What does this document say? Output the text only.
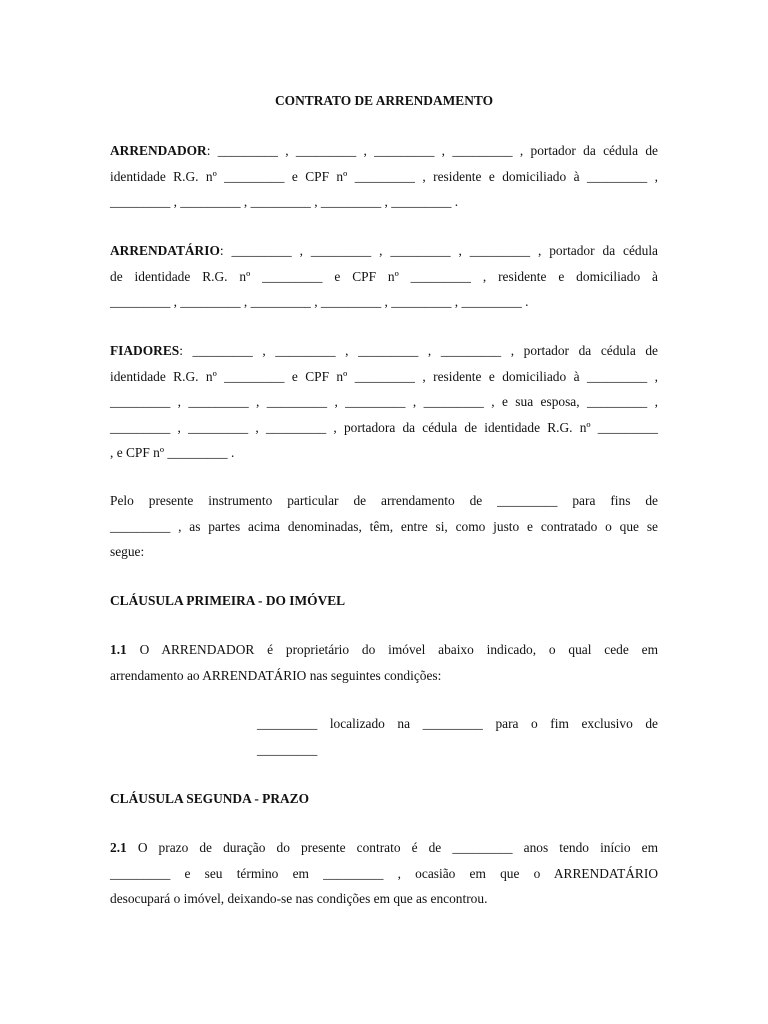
CONTRATO DE ARRENDAMENTO
ARRENDADOR: _________ , _________ , _________ , _________ , portador da cédula de
identidade R.G. nº _________ e CPF nº _________ , residente e domiciliado à _________ ,
_________ , _________ , _________ , _________ , _________ .
ARRENDATÁRIO: _________ , _________ , _________ , _________ , portador da cédula
de identidade R.G. nº _________ e CPF nº _________ , residente e domiciliado à
_________ , _________ , _________ , _________ , _________ , _________ .
FIADORES: _________ , _________ , _________ , _________ , portador da cédula de
identidade R.G. nº _________ e CPF nº _________ , residente e domiciliado à _________ ,
_________ , _________ , _________ , _________ , _________ , e sua esposa, _________ ,
_________ , _________ , _________ , portadora da cédula de identidade R.G. nº _________
, e CPF nº _________ .
Pelo presente instrumento particular de arrendamento de _________ para fins de
_________ , as partes acima denominadas, têm, entre si, como justo e contratado o que se
segue:
CLÁUSULA PRIMEIRA - DO IMÓVEL
1.1 O ARRENDADOR é proprietário do imóvel abaixo indicado, o qual cede em
arrendamento ao ARRENDATÁRIO nas seguintes condições:
_________ localizado na _________ para o fim exclusivo de
_________
CLÁUSULA SEGUNDA - PRAZO
2.1 O prazo de duração do presente contrato é de _________ anos tendo início em
_________ e seu término em _________ , ocasião em que o ARRENDATÁRIO
desocupará o imóvel, deixando-se nas condições em que as encontrou.
